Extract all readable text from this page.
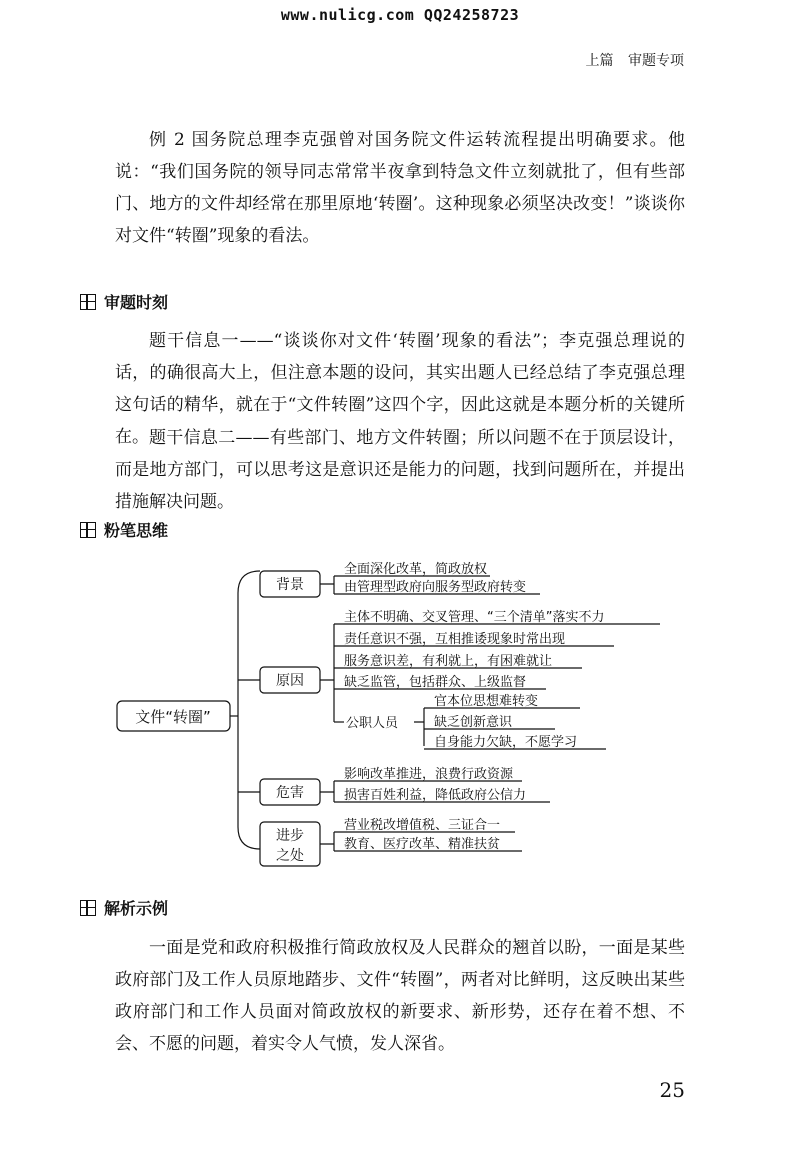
www.nulicg.com QQ24258723
上篇 审题专项

例 2 国务院总理李克强曾对国务院文件运转流程提出明确要求。他说：“我们国务院的领导同志常常半夜拿到特急文件立刻就批了，但有些部门、地方的文件却经常在那里原地‘转圈’。这种现象必须坚决改变！”谈谈你对文件“转圈”现象的看法。

审题时刻

题干信息一——“谈谈你对文件‘转圈’现象的看法”；李克强总理说的话，的确很高大上，但注意本题的设问，其实出题人已经总结了李克强总理这句话的精华，就在于“文件转圈”这四个字，因此这就是本题分析的关键所在。 题干信息二——有些部门、地方文件转圈；所以问题不在于顶层设计，而是地方部门，可以思考这是意识还是能力的问题，找到问题所在，并提出措施解决问题。

粉笔思维
文件“转圈”
背景
原因
危害
进步
之处
全面深化改革，简政放权
由管理型政府向服务型政府转变
主体不明确、交叉管理、“三个清单”落实不力
责任意识不强，互相推诿现象时常出现
服务意识差，有利就上，有困难就让
缺乏监管，包括群众、上级监督
公职人员
官本位思想难转变
缺乏创新意识
自身能力欠缺，不愿学习
影响改革推进，浪费行政资源
损害百姓利益，降低政府公信力
营业税改增值税、三证合一
教育、医疗改革、精准扶贫
解析示例

一面是党和政府积极推行简政放权及人民群众的翘首以盼，一面是某些政府部门及工作人员原地踏步、文件“转圈”，两者对比鲜明，这反映出某些政府部门和工作人员面对简政放权的新要求、新形势，还存在着不想、不会、不愿的问题，着实令人气愤，发人深省。

25
